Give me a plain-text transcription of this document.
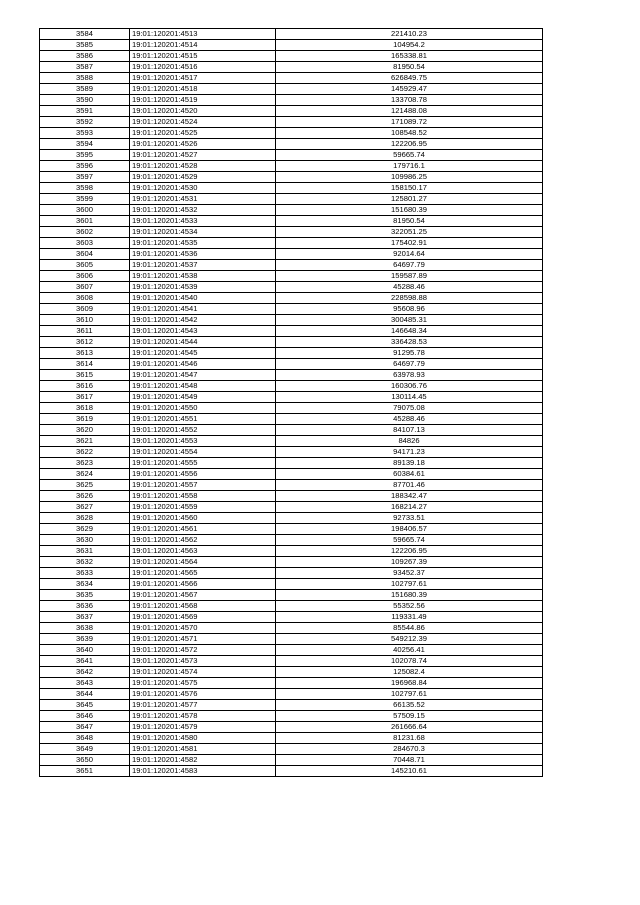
3584	19:01:120201:4513	221410.23
3585	19:01:120201:4514	104954.2
3586	19:01:120201:4515	165338.81
3587	19:01:120201:4516	81950.54
3588	19:01:120201:4517	626849.75
3589	19:01:120201:4518	145929.47
3590	19:01:120201:4519	133708.78
3591	19:01:120201:4520	121488.08
3592	19:01:120201:4524	171089.72
3593	19:01:120201:4525	108548.52
3594	19:01:120201:4526	122206.95
3595	19:01:120201:4527	59665.74
3596	19:01:120201:4528	179716.1
3597	19:01:120201:4529	109986.25
3598	19:01:120201:4530	158150.17
3599	19:01:120201:4531	125801.27
3600	19:01:120201:4532	151680.39
3601	19:01:120201:4533	81950.54
3602	19:01:120201:4534	322051.25
3603	19:01:120201:4535	175402.91
3604	19:01:120201:4536	92014.64
3605	19:01:120201:4537	64697.79
3606	19:01:120201:4538	159587.89
3607	19:01:120201:4539	45288.46
3608	19:01:120201:4540	228598.88
3609	19:01:120201:4541	95608.96
3610	19:01:120201:4542	300485.31
3611	19:01:120201:4543	146648.34
3612	19:01:120201:4544	336428.53
3613	19:01:120201:4545	91295.78
3614	19:01:120201:4546	64697.79
3615	19:01:120201:4547	63978.93
3616	19:01:120201:4548	160306.76
3617	19:01:120201:4549	130114.45
3618	19:01:120201:4550	79075.08
3619	19:01:120201:4551	45288.46
3620	19:01:120201:4552	84107.13
3621	19:01:120201:4553	84826
3622	19:01:120201:4554	94171.23
3623	19:01:120201:4555	89139.18
3624	19:01:120201:4556	60384.61
3625	19:01:120201:4557	87701.46
3626	19:01:120201:4558	188342.47
3627	19:01:120201:4559	168214.27
3628	19:01:120201:4560	92733.51
3629	19:01:120201:4561	198406.57
3630	19:01:120201:4562	59665.74
3631	19:01:120201:4563	122206.95
3632	19:01:120201:4564	109267.39
3633	19:01:120201:4565	93452.37
3634	19:01:120201:4566	102797.61
3635	19:01:120201:4567	151680.39
3636	19:01:120201:4568	55352.56
3637	19:01:120201:4569	119331.49
3638	19:01:120201:4570	85544.86
3639	19:01:120201:4571	549212.39
3640	19:01:120201:4572	40256.41
3641	19:01:120201:4573	102078.74
3642	19:01:120201:4574	125082.4
3643	19:01:120201:4575	196968.84
3644	19:01:120201:4576	102797.61
3645	19:01:120201:4577	66135.52
3646	19:01:120201:4578	57509.15
3647	19:01:120201:4579	261666.64
3648	19:01:120201:4580	81231.68
3649	19:01:120201:4581	284670.3
3650	19:01:120201:4582	70448.71
3651	19:01:120201:4583	145210.61
